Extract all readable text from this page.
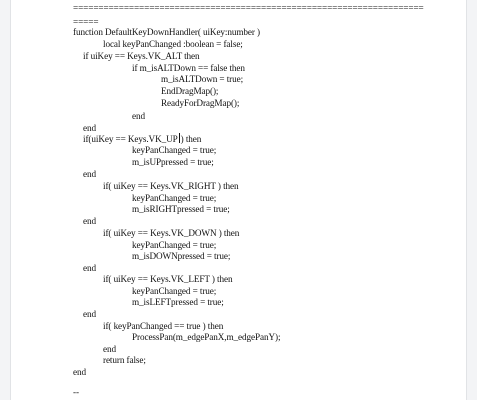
=====================================================================
=====
function DefaultKeyDownHandler( uiKey:number )
local keyPanChanged :boolean = false;
if uiKey == Keys.VK_ALT then
if m_isALTDown == false then
m_isALTDown = true;
EndDragMap();
ReadyForDragMap();
end
end
if(uiKey == Keys.VK_UP ) then
keyPanChanged = true;
m_isUPpressed = true;
end
if( uiKey == Keys.VK_RIGHT ) then
keyPanChanged = true;
m_isRIGHTpressed = true;
end
if( uiKey == Keys.VK_DOWN ) then
keyPanChanged = true;
m_isDOWNpressed = true;
end
if( uiKey == Keys.VK_LEFT ) then
keyPanChanged = true;
m_isLEFTpressed = true;
end
if( keyPanChanged == true ) then
ProcessPan(m_edgePanX,m_edgePanY);
end
return false;
end
--
